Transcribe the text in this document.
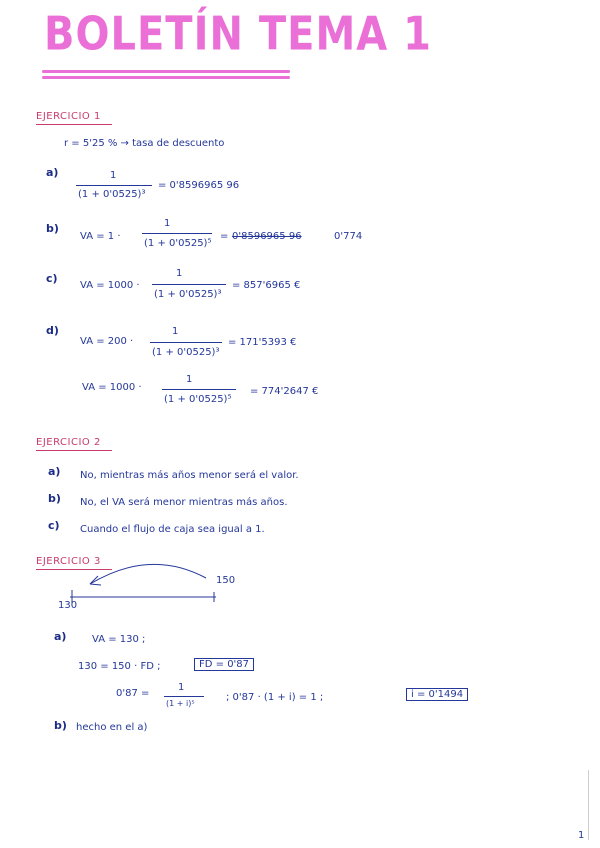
BOLETÍN TEMA 1
EJERCICIO 1
r = 5'25 % → tasa de descuento
a)	1
(1 + 0'0525)³
= 0'8596965 96
b)
VA = 1 ·
1
(1 + 0'0525)⁵
= 0'8596965 96	0'774
c)
VA = 1000 ·
1
(1 + 0'0525)³
= 857'6965 €
d)
VA = 200 ·
1
(1 + 0'0525)³
= 171'5393 €
VA = 1000 ·
1
(1 + 0'0525)⁵
= 774'2647 €
EJERCICIO 2
a) No, mientras más años menor será el valor.
b) No, el VA será menor mientras más años.
c) Cuando el flujo de caja sea igual a 1.
EJERCICIO 3
130
150
a)	VA = 130 ;
130 = 150 · FD ;	FD = 0'87
0'87 =
1
(1 + i)⁵
; 0'87 · (1 + i) = 1 ;	i = 0'1494
b) hecho en el a)
1
